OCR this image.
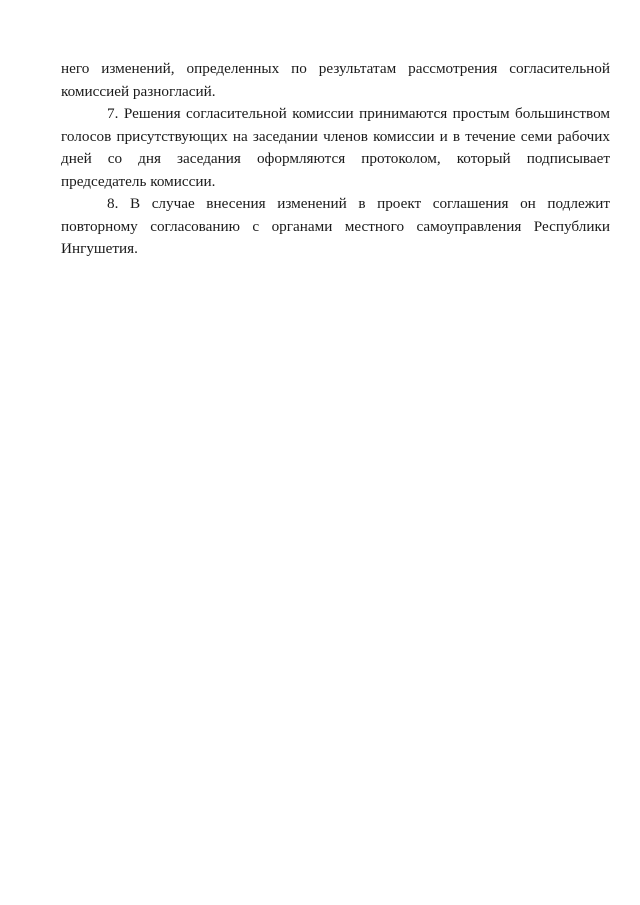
него изменений, определенных по результатам рассмотрения согласительной комиссией разногласий.

7. Решения согласительной комиссии принимаются простым большинством голосов присутствующих на заседании членов комиссии и в течение семи рабочих дней со дня заседания оформляются протоколом, который подписывает председатель комиссии.

8. В случае внесения изменений в проект соглашения он подлежит повторному согласованию с органами местного самоуправления Республики Ингушетия.
